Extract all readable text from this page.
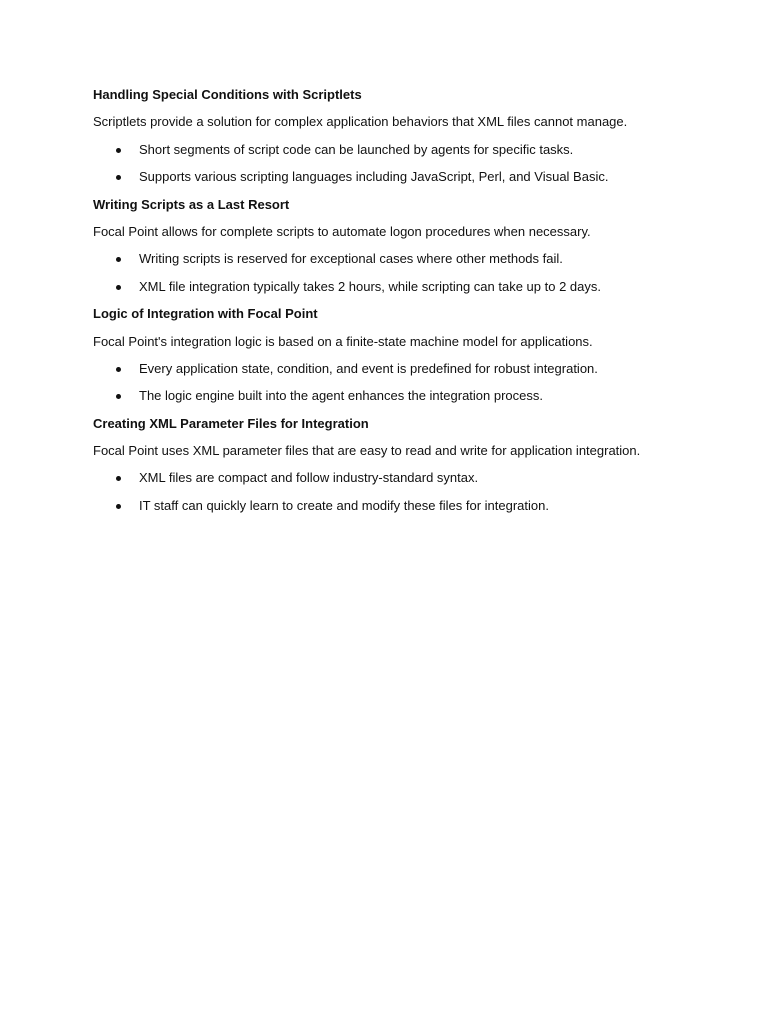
Handling Special Conditions with Scriptlets
Scriptlets provide a solution for complex application behaviors that XML files cannot manage.
Short segments of script code can be launched by agents for specific tasks.
Supports various scripting languages including JavaScript, Perl, and Visual Basic.
Writing Scripts as a Last Resort
Focal Point allows for complete scripts to automate logon procedures when necessary.
Writing scripts is reserved for exceptional cases where other methods fail.
XML file integration typically takes 2 hours, while scripting can take up to 2 days.
Logic of Integration with Focal Point
Focal Point's integration logic is based on a finite-state machine model for applications.
Every application state, condition, and event is predefined for robust integration.
The logic engine built into the agent enhances the integration process.
Creating XML Parameter Files for Integration
Focal Point uses XML parameter files that are easy to read and write for application integration.
XML files are compact and follow industry-standard syntax.
IT staff can quickly learn to create and modify these files for integration.
